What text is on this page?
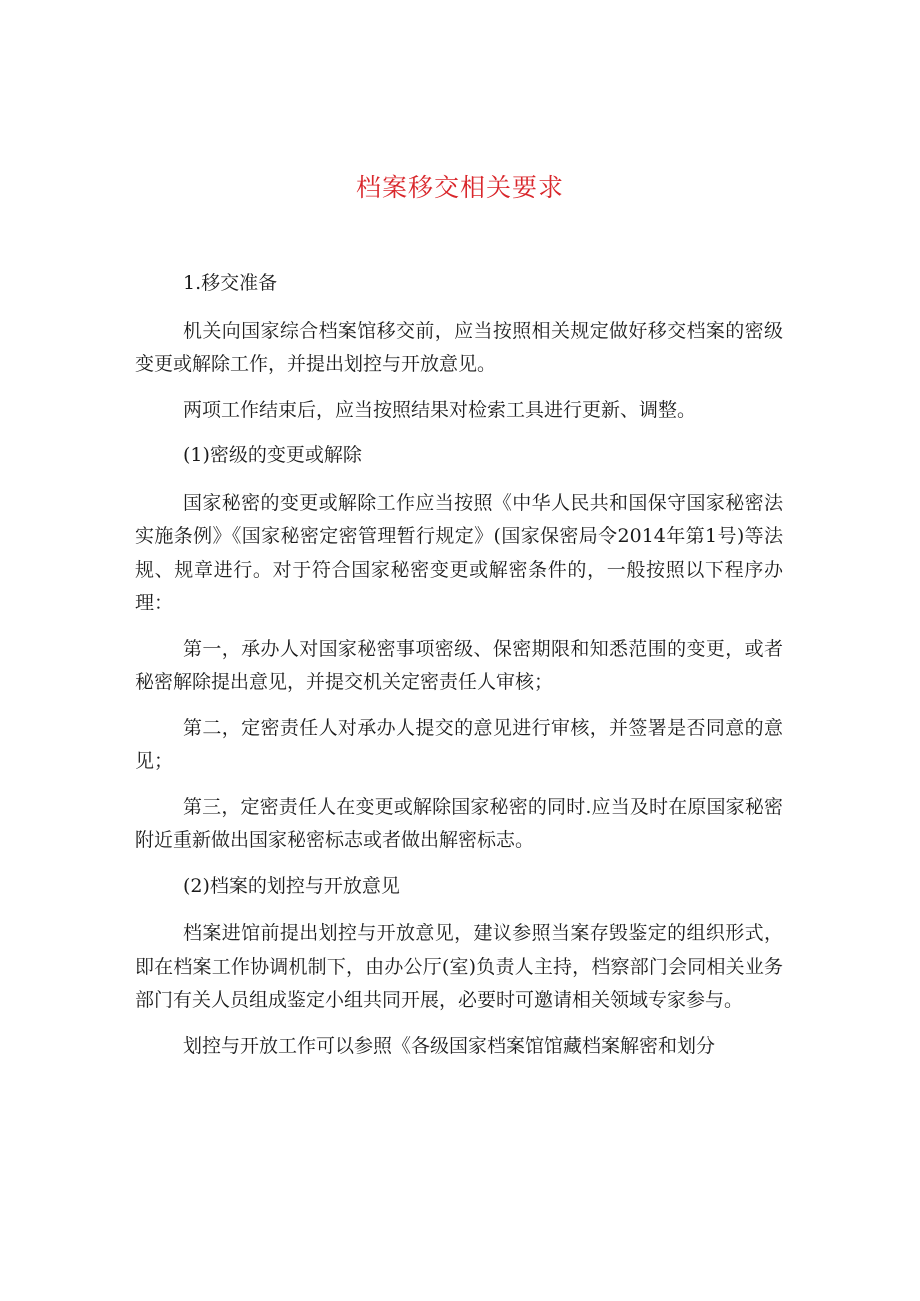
档案移交相关要求

1.移交准备

机关向国家综合档案馆移交前，应当按照相关规定做好移交档案的密级变更或解除工作，并提出划控与开放意见。

两项工作结束后，应当按照结果对检索工具进行更新、调整。

(1)密级的变更或解除

国家秘密的变更或解除工作应当按照《中华人民共和国保守国家秘密法实施条例》《国家秘密定密管理暂行规定》(国家保密局令2014年第1号)等法规、规章进行。对于符合国家秘密变更或解密条件的，一般按照以下程序办理：

第一，承办人对国家秘密事项密级、保密期限和知悉范围的变更，或者秘密解除提出意见，并提交机关定密责任人审核；

第二，定密责任人对承办人提交的意见进行审核，并签署是否同意的意见；

第三，定密责任人在变更或解除国家秘密的同时.应当及时在原国家秘密附近重新做出国家秘密标志或者做出解密标志。

(2)档案的划控与开放意见

档案进馆前提出划控与开放意见，建议参照当案存毁鉴定的组织形式，即在档案工作协调机制下，由办公厅(室)负责人主持，档察部门会同相关业务部门有关人员组成鉴定小组共同开展，必要时可邀请相关领域专家参与。

划控与开放工作可以参照《各级国家档案馆馆藏档案解密和划分
